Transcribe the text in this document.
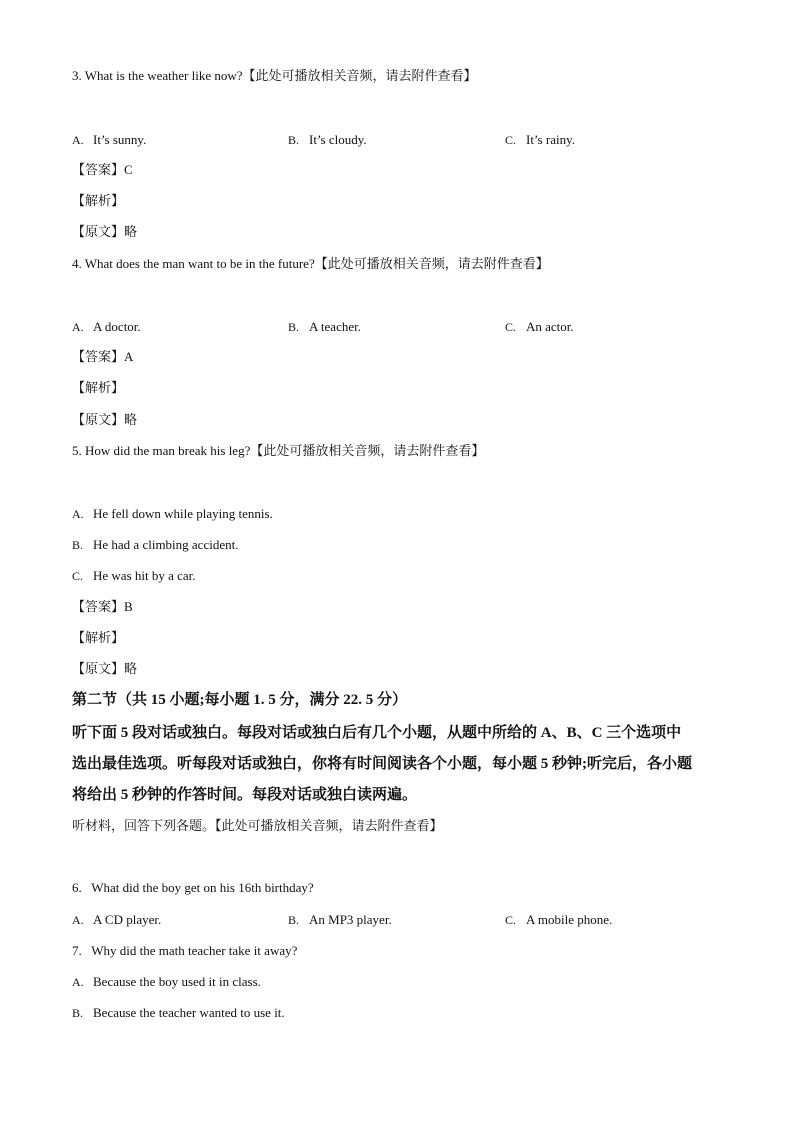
3. What is the weather like now?【此处可播放相关音频，请去附件查看】
A. It’s sunny.	B. It’s cloudy.	C. It’s rainy.
【答案】C
【解析】
【原文】略
4. What does the man want to be in the future?【此处可播放相关音频，请去附件查看】
A. A doctor.	B. A teacher.	C. An actor.
【答案】A
【解析】
【原文】略
5. How did the man break his leg?【此处可播放相关音频，请去附件查看】
A. He fell down while playing tennis.
B. He had a climbing accident.
C. He was hit by a car.
【答案】B
【解析】
【原文】略
第二节（共 15 小题;每小题 1. 5 分，满分 22. 5 分）
听下面 5 段对话或独白。每段对话或独白后有几个小题，从题中所给的 A、B、C 三个选项中
选出最佳选项。听每段对话或独白，你将有时间阅读各个小题，每小题 5 秒钟;听完后，各小题
将给出 5 秒钟的作答时间。每段对话或独白读两遍。
听材料，回答下列各题。【此处可播放相关音频，请去附件查看】
6.   What did the boy get on his 16th birthday?
A. A CD player.	B. An MP3 player.	C. A mobile phone.
7.   Why did the math teacher take it away?
A. Because the boy used it in class.
B. Because the teacher wanted to use it.
